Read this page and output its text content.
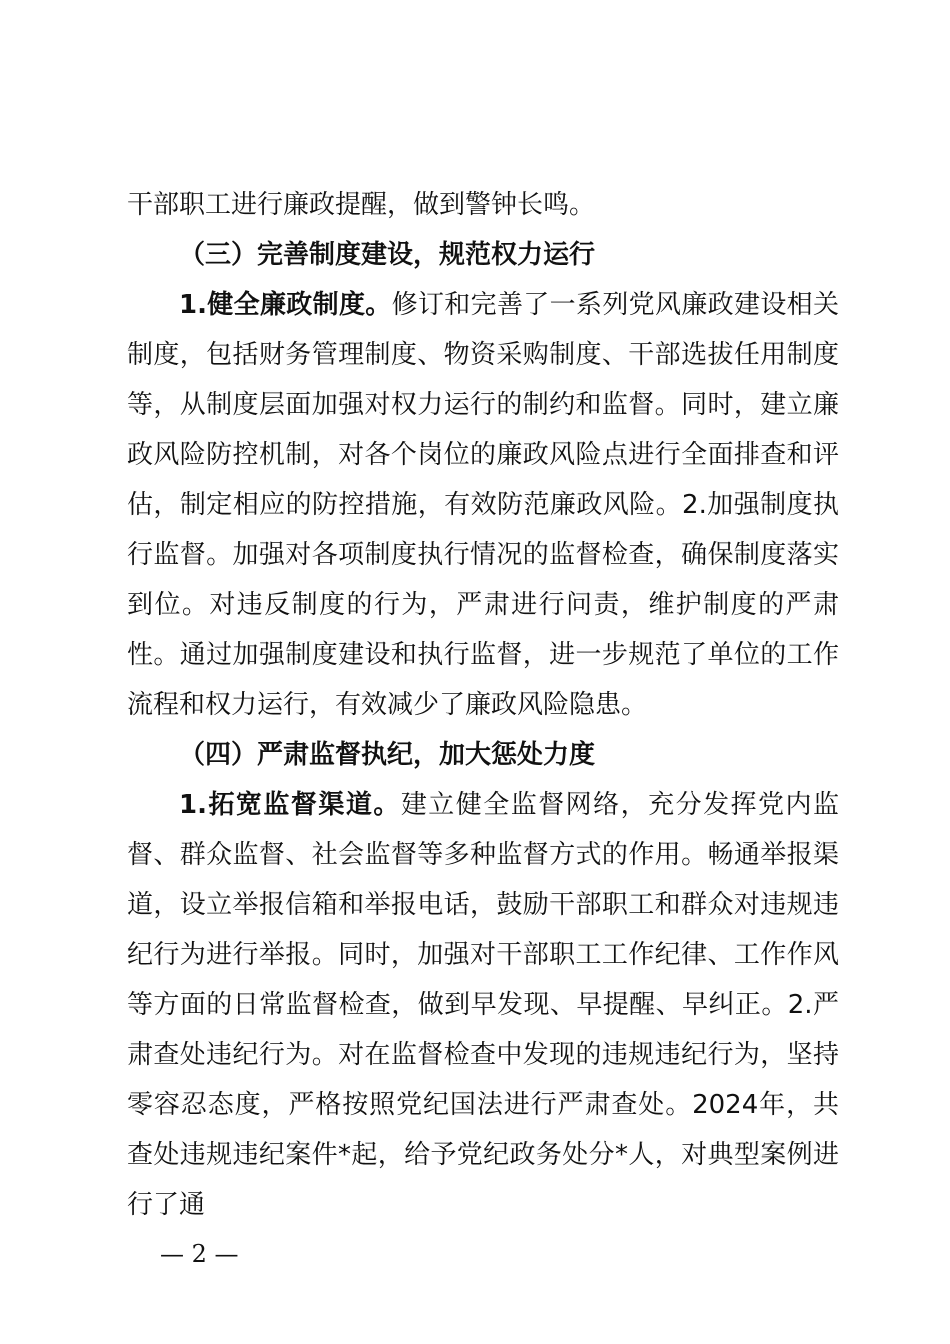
干部职工进行廉政提醒，做到警钟长鸣。

（三）完善制度建设，规范权力运行

1.健全廉政制度。修订和完善了一系列党风廉政建设相关制度，包括财务管理制度、物资采购制度、干部选拔任用制度等，从制度层面加强对权力运行的制约和监督。同时，建立廉政风险防控机制，对各个岗位的廉政风险点进行全面排查和评估，制定相应的防控措施，有效防范廉政风险。2.加强制度执行监督。加强对各项制度执行情况的监督检查，确保制度落实到位。对违反制度的行为，严肃进行问责，维护制度的严肃性。通过加强制度建设和执行监督，进一步规范了单位的工作流程和权力运行，有效减少了廉政风险隐患。

（四）严肃监督执纪，加大惩处力度

1.拓宽监督渠道。建立健全监督网络，充分发挥党内监督、群众监督、社会监督等多种监督方式的作用。畅通举报渠道，设立举报信箱和举报电话，鼓励干部职工和群众对违规违纪行为进行举报。同时，加强对干部职工工作纪律、工作作风等方面的日常监督检查，做到早发现、早提醒、早纠正。2.严肃查处违纪行为。对在监督检查中发现的违规违纪行为，坚持零容忍态度，严格按照党纪国法进行严肃查处。2024年，共查处违规违纪案件*起，给予党纪政务处分*人，对典型案例进行了通

— 2 —
